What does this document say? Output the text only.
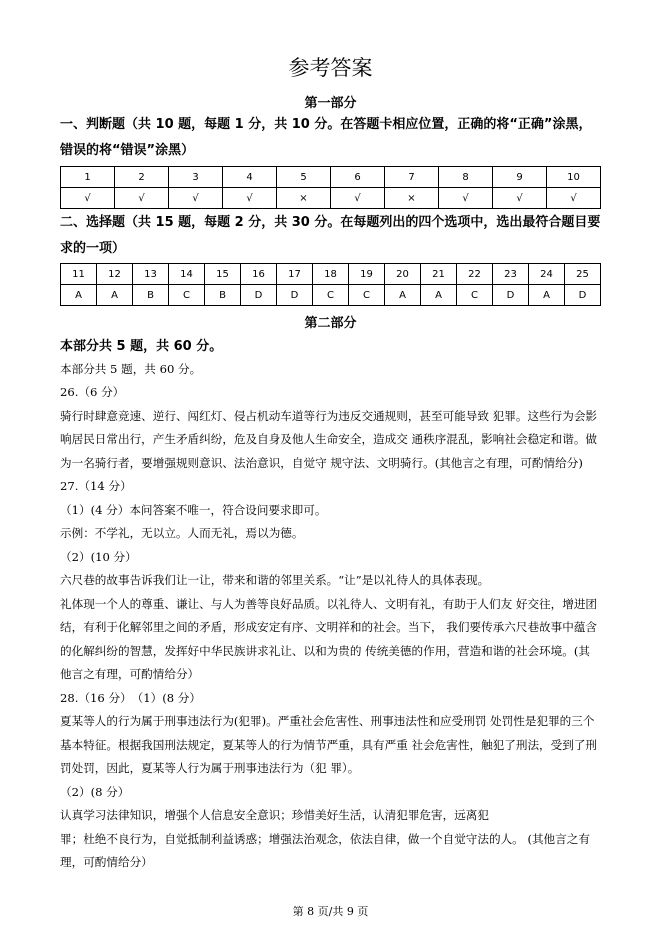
参考答案
第一部分
一、判断题（共 10 题，每题 1 分，共 10 分。在答题卡相应位置，正确的将“正确”涂黑，
错误的将“错误”涂黑）
1	2	3	4	5	6	7	8	9	10
√	√	√	√	×	√	×	√	√	√
二、选择题（共 15 题，每题 2 分，共 30 分。在每题列出的四个选项中，选出最符合题目要
求的一项）
11	12	13	14	15	16	17	18	19	20	21	22	23	24	25
A	A	B	C	B	D	D	C	C	A	A	C	D	A	D
第二部分
本部分共 5 题，共 60 分。
本部分共 5 题，共 60 分。
26.（6 分）
骑行时肆意竞速、逆行、闯红灯、侵占机动车道等行为违反交通规则，甚至可能导致 犯罪。这些行为会影
响居民日常出行，产生矛盾纠纷，危及自身及他人生命安全，造成交 通秩序混乱，影响社会稳定和谐。做
为一名骑行者，要增强规则意识、法治意识，自觉守 规守法、文明骑行。(其他言之有理，可酌情给分)
27.（14 分）
（1）(4 分）本问答案不唯一，符合设问要求即可。
示例：不学礼，无以立。人而无礼，焉以为德。
（2）(10 分）
六尺巷的故事告诉我们让一让，带来和谐的邻里关系。“让”是以礼待人的具体表现。
礼体现一个人的尊重、谦让、与人为善等良好品质。以礼待人、文明有礼，有助于人们友 好交往，增进团
结，有利于化解邻里之间的矛盾，形成安定有序、文明祥和的社会。当下， 我们要传承六尺巷故事中蕴含
的化解纠纷的智慧，发挥好中华民族讲求礼让、以和为贵的 传统美德的作用，营造和谐的社会环境。(其
他言之有理，可酌情给分）
28.（16 分）　（1）(8 分）
夏某等人的行为属于刑事违法行为(犯罪)。严重社会危害性、刑事违法性和应受刑罚 处罚性是犯罪的三个
基本特征。根据我国刑法规定，夏某等人的行为情节严重，具有严重 社会危害性，触犯了刑法，受到了刑
罚处罚，因此，夏某等人行为属于刑事违法行为（犯 罪）。
（2）(8 分）
认真学习法律知识，增强个人信息安全意识；珍惜美好生活，认清犯罪危害，远离犯
罪；杜绝不良行为，自觉抵制利益诱惑；增强法治观念，依法自律，做一个自觉守法的人。 (其他言之有
理，可酌情给分）
第 8 页/共 9 页
